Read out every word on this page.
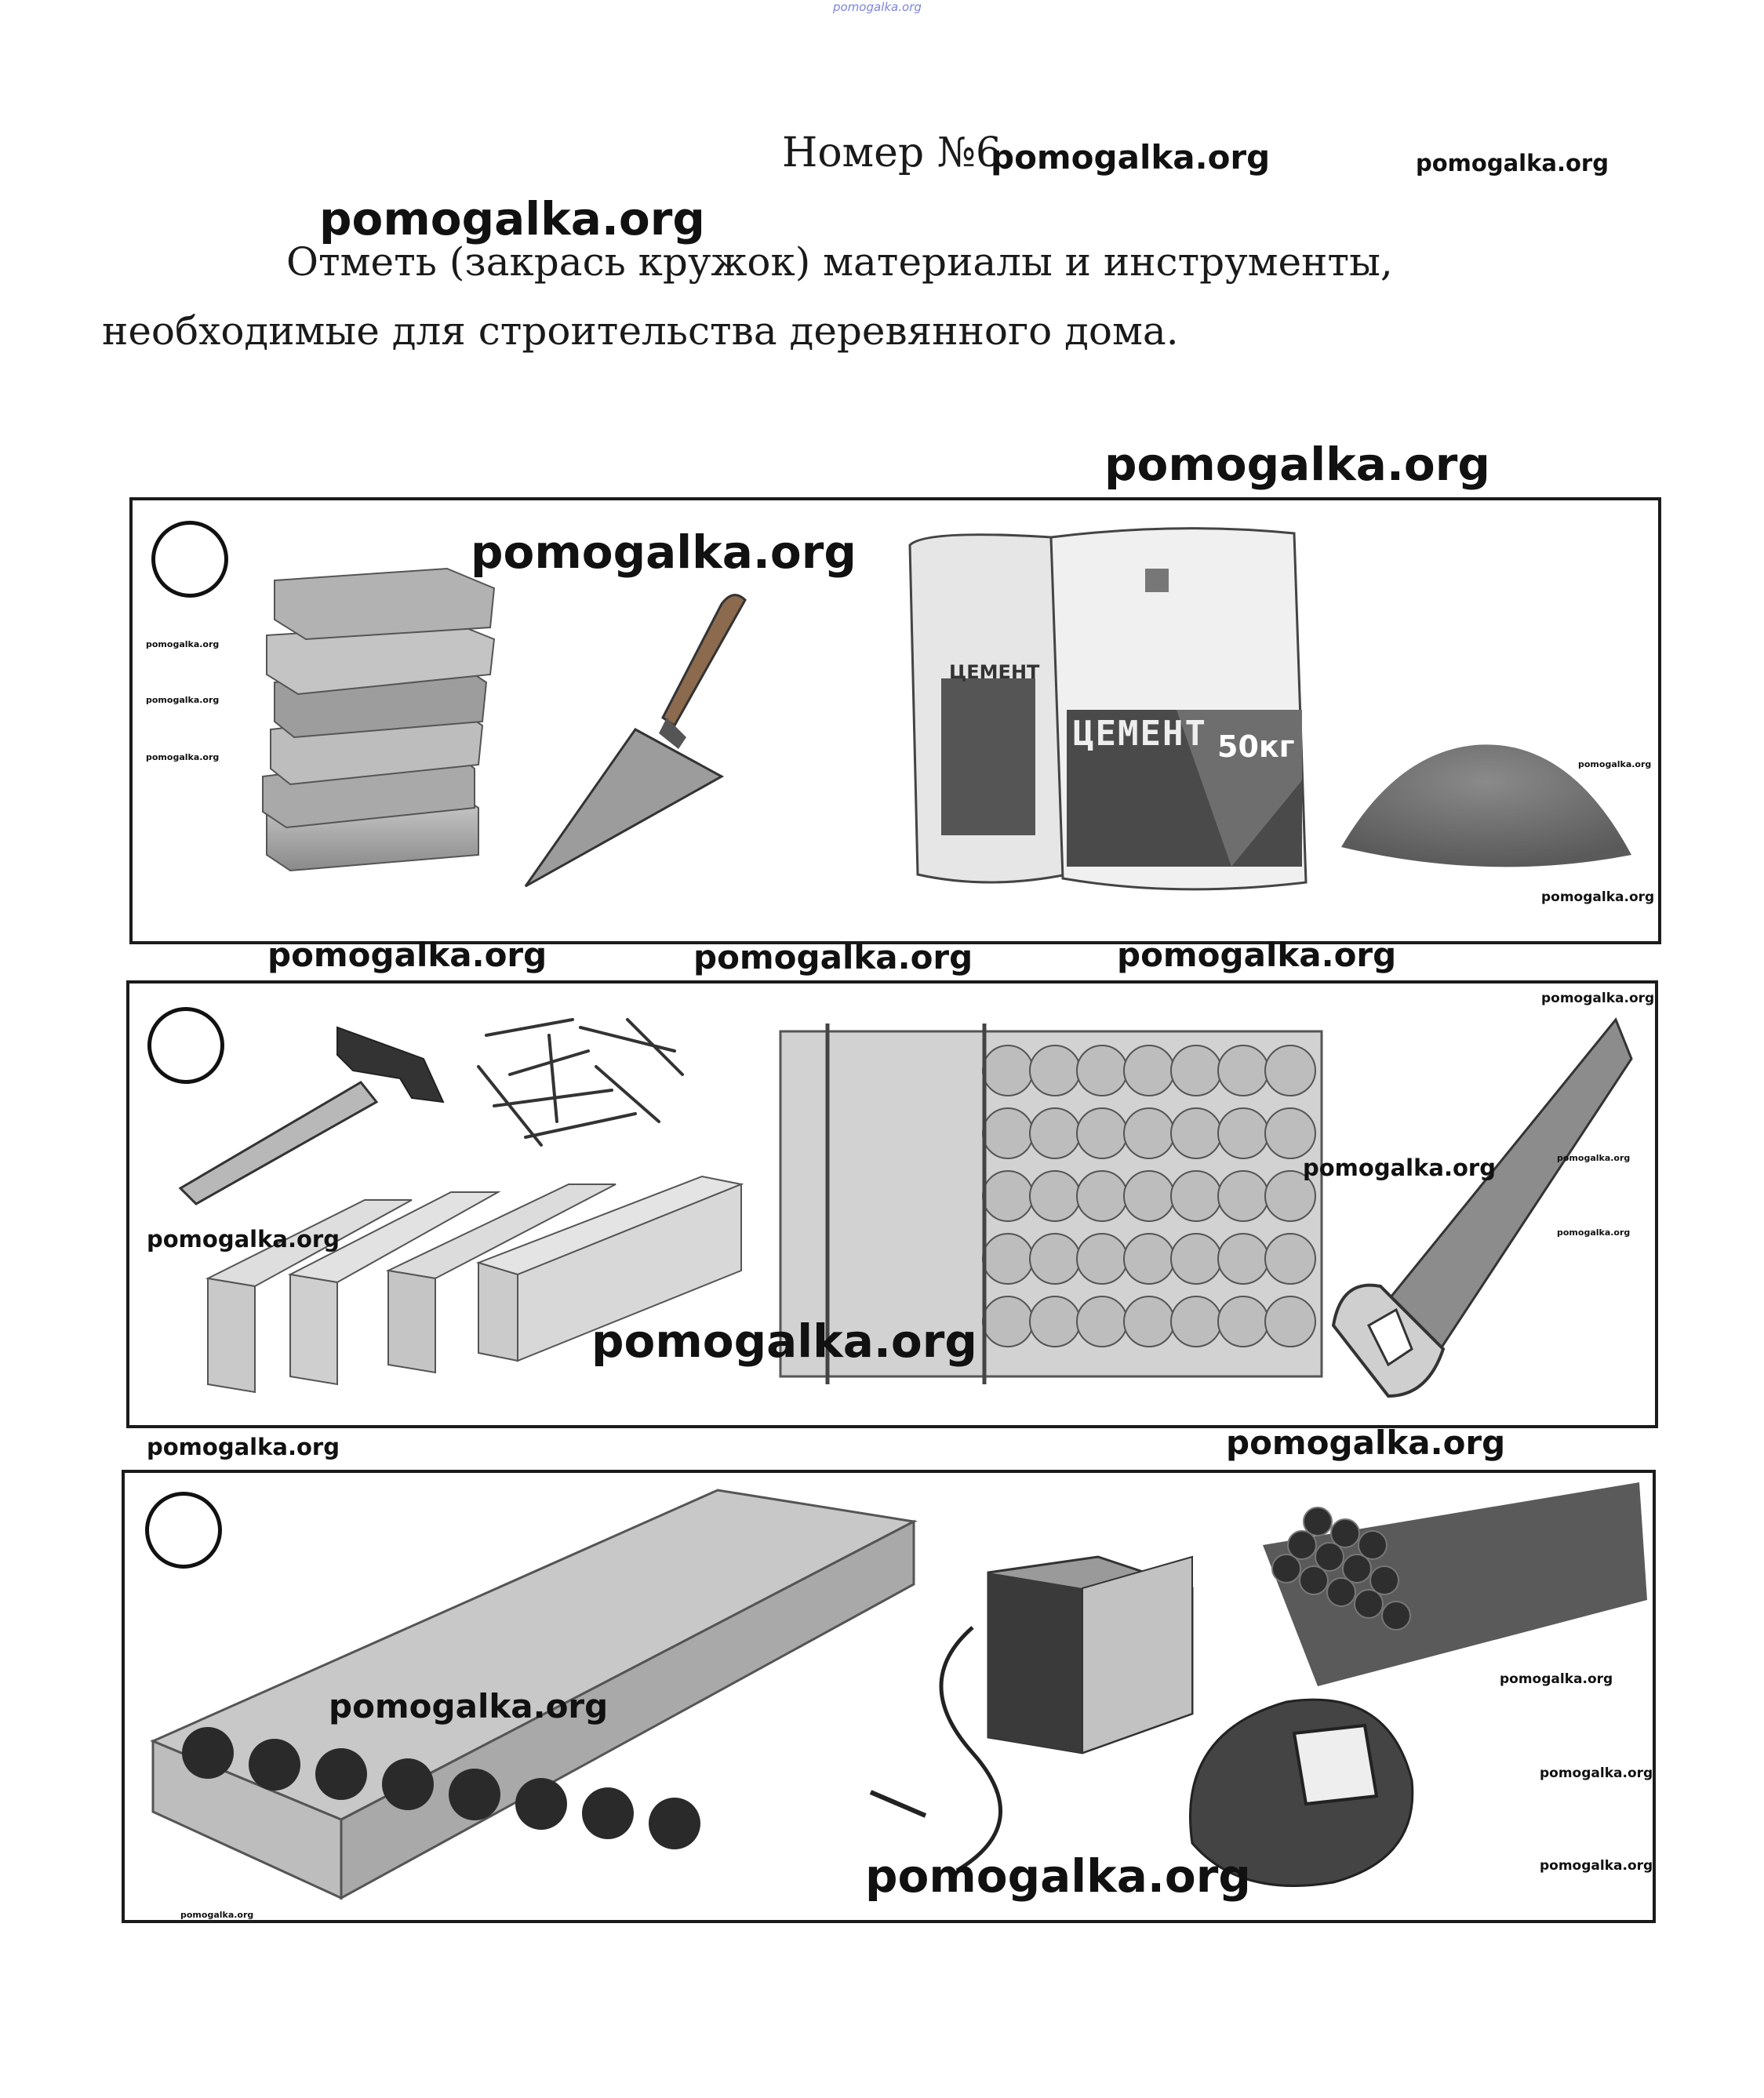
pomogalka.org
Номер №6
pomogalka.org	pomogalka.org
Отметь (закрась кружок) материалы и инструменты,
необходимые для строительства деревянного дома.
pomogalka.org
ЦЕМЕНТ
ЦЕМЕНТ 50кг
pomogalka.org
pomogalka.org
pomogalka.org
pomogalka.org
pomogalka.org
pomogalka.org
pomogalka.org
pomogalka.org	pomogalka.org	pomogalka.org
pomogalka.org
pomogalka.org
pomogalka.org
pomogalka.org
pomogalka.org
pomogalka.org
pomogalka.org	pomogalka.org
pomogalka.org
pomogalka.org
pomogalka.org
pomogalka.org
pomogalka.org
pomogalka.org
